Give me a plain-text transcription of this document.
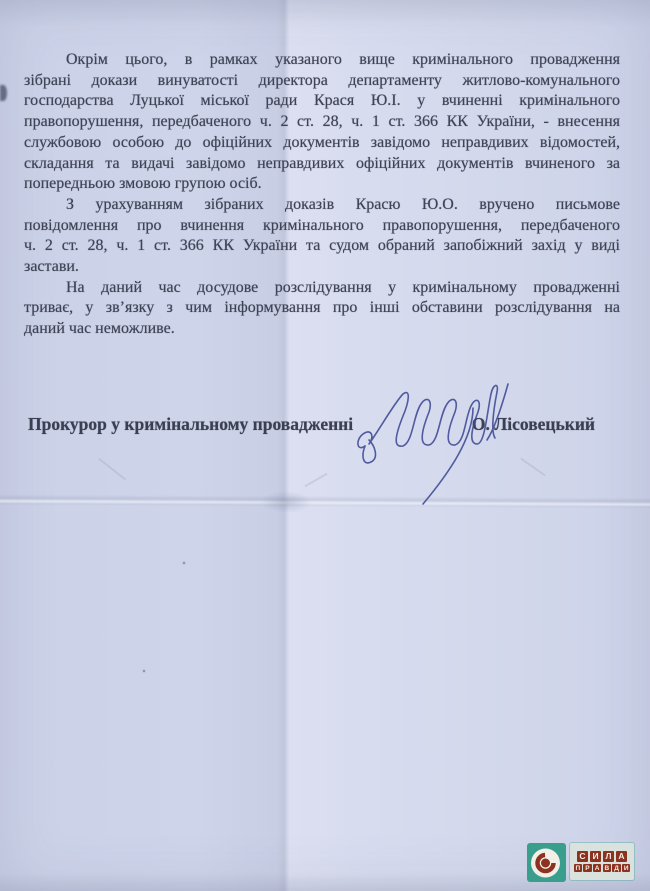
Окрім цього, в рамках указаного вище кримінального провадження
зібрані докази винуватості директора департаменту житлово-комунального
господарства Луцької міської ради Крася Ю.І. у вчиненні кримінального
правопорушення, передбаченого ч. 2 ст. 28, ч. 1 ст. 366 КК України, - внесення
службовою особою до офіційних документів завідомо неправдивих відомостей,
складання та видачі завідомо неправдивих офіційних документів вчиненого за
попередньою змовою групою осіб.
З урахуванням зібраних доказів Красю Ю.О. вручено письмове
повідомлення про вчинення кримінального правопорушення, передбаченого
ч. 2 ст. 28, ч. 1 ст. 366 КК України та судом обраний запобіжний захід у виді
застави.
На даний час досудове розслідування у кримінальному провадженні
триває, у зв’язку з чим інформування про інші обставини розслідування на
даний час неможливе.
Прокурор у кримінальному провадженні	О. Лісовецький
С И Л А
П Р А В Д И
